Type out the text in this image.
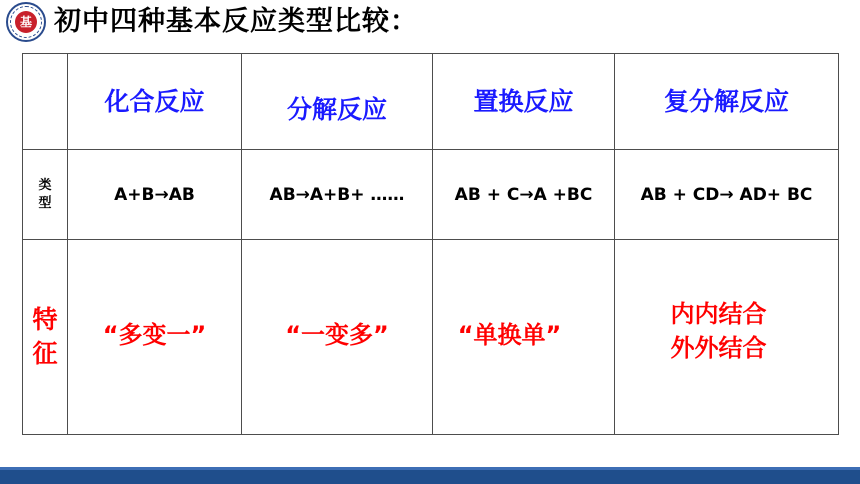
基 初中四种基本反应类型比较：
	化合反应	分解反应	置换反应	复分解反应

类型	A+B→AB	AB→A+B+ ……	AB + C→A +BC	AB + CD→ AD+ BC

特征	“多变一”	“一变多”	“单换单”	内内结合
外外结合
